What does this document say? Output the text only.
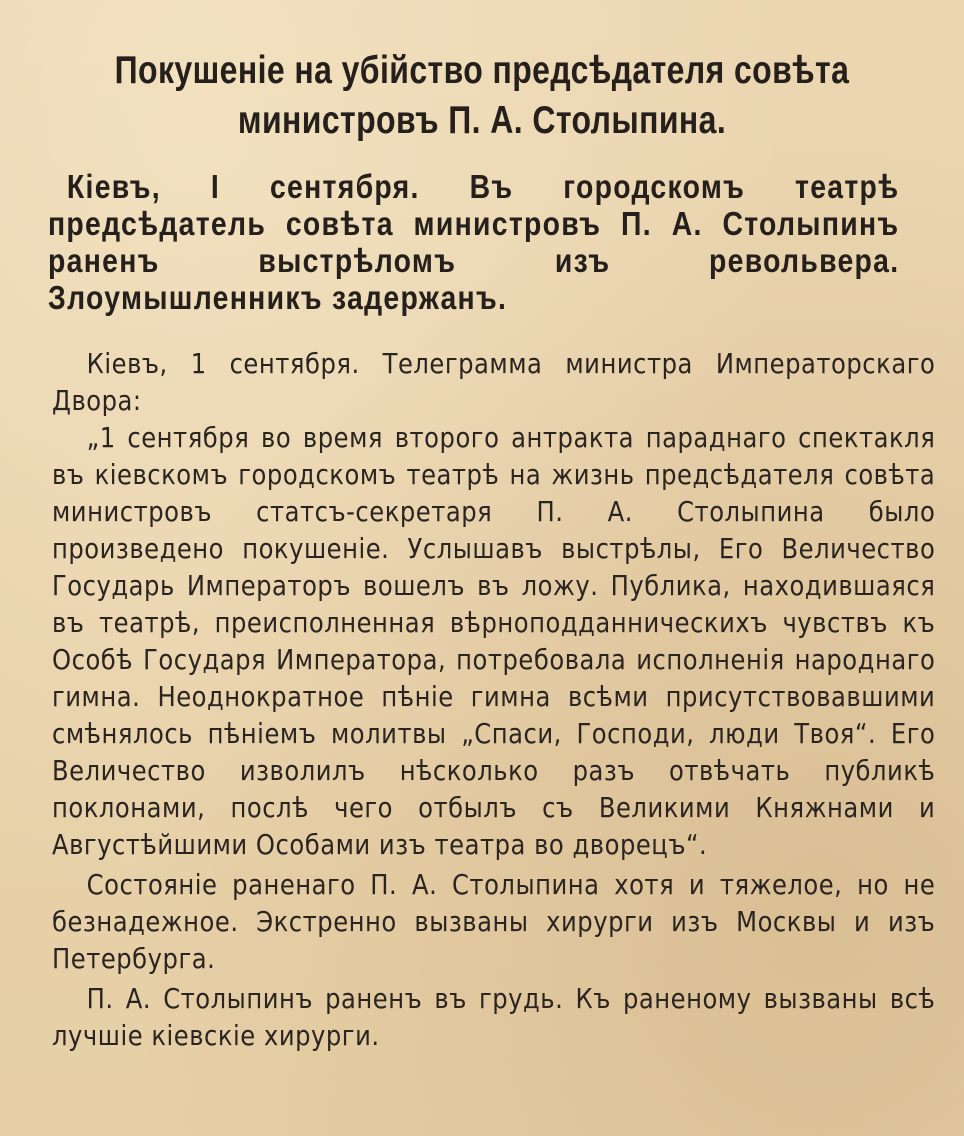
Покушеніе на убійство предсѣдателя совѣта министровъ П. А. Столыпина.

Кіевъ, I сентября. Въ городскомъ театрѣ предсѣдатель совѣта министровъ П. А. Столыпинъ раненъ выстрѣломъ изъ револьвера. Злоумышленникъ задержанъ.

Кіевъ, 1 сентября. Телеграмма министра Императорскаго Двора:

„1 сентября во время второго антракта параднаго спектакля въ кіевскомъ городскомъ театрѣ на жизнь предсѣдателя совѣта министровъ статсъ-секретаря П. А. Столыпина было произведено покушеніе. Услышавъ выстрѣлы, Его Величество Государь Императоръ вошелъ въ ложу. Публика, находившаяся въ театрѣ, преисполненная вѣрноподданническихъ чувствъ къ Особѣ Государя Императора, потребовала исполненія народнаго гимна. Неоднократное пѣніе гимна всѣми присутствовавшими смѣнялось пѣніемъ молитвы „Спаси, Господи, люди Твоя“. Его Величество изволилъ нѣсколько разъ отвѣчать публикѣ поклонами, послѣ чего отбылъ съ Великими Княжнами и Августѣйшими Особами изъ театра во дворецъ“.

Состояніе раненаго П. А. Столыпина хотя и тяжелое, но не безнадежное. Экстренно вызваны хирурги изъ Москвы и изъ Петербурга.

П. А. Столыпинъ раненъ въ грудь. Къ раненому вызваны всѣ лучшіе кіевскіе хирурги.
